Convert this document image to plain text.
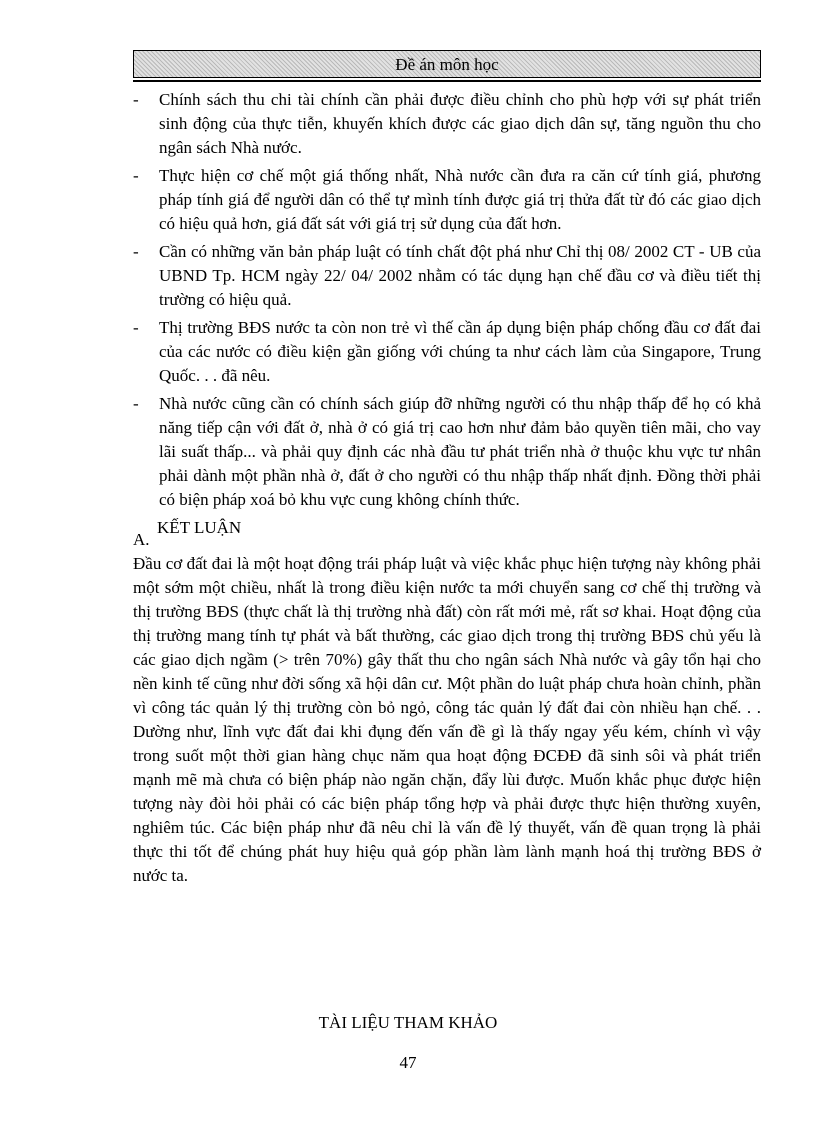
Đề án môn học
- Chính sách thu chi tài chính cần phải được điều chỉnh cho phù hợp với sự phát triển sinh động của thực tiễn, khuyến khích được các giao dịch dân sự, tăng nguồn thu cho ngân sách Nhà nước.
- Thực hiện cơ chế một giá thống nhất, Nhà nước cần đưa ra căn cứ tính giá, phương pháp tính giá để người dân có thể tự mình tính được giá trị thửa đất từ đó các giao dịch có hiệu quả hơn, giá đất sát với giá trị sử dụng của đất hơn.
- Cần có những văn bản pháp luật có tính chất đột phá như Chỉ thị 08/ 2002 CT - UB của UBND Tp. HCM ngày 22/ 04/ 2002 nhằm có tác dụng hạn chế đầu cơ và điều tiết thị trường có hiệu quả.
- Thị trường BĐS nước ta còn non trẻ vì thế cần áp dụng biện pháp chống đầu cơ đất đai của các nước có điều kiện gần giống với chúng ta như cách làm của Singapore, Trung Quốc. . . đã nêu.
- Nhà nước cũng cần có chính sách giúp đỡ những người có thu nhập thấp để họ có khả năng tiếp cận với đất ở, nhà ở có giá trị cao hơn như đảm bảo quyền tiên mãi, cho vay lãi suất thấp... và phải quy định các nhà đầu tư phát triển nhà ở thuộc khu vực tư nhân phải dành một phần nhà ở, đất ở cho người có thu nhập thấp nhất định. Đồng thời phải có biện pháp xoá bỏ khu vực cung không chính thức.
A.
KẾT LUẬN

Đầu cơ đất đai là một hoạt động trái pháp luật và việc khắc phục hiện tượng này không phải một sớm một chiều, nhất là trong điều kiện nước ta mới chuyển sang cơ chế thị trường và thị trường BĐS (thực chất là thị trường nhà đất) còn rất mới mẻ, rất sơ khai. Hoạt động của thị trường mang tính tự phát và bất thường, các giao dịch trong thị trường BĐS chủ yếu là các giao dịch ngầm (> trên 70%) gây thất thu cho ngân sách Nhà nước và gây tổn hại cho nền kinh tế cũng như đời sống xã hội dân cư. Một phần do luật pháp chưa hoàn chỉnh, phần vì công tác quản lý thị trường còn bỏ ngỏ, công tác quản lý đất đai còn nhiều hạn chế. . . Dường như, lĩnh vực đất đai khi đụng đến vấn đề gì là thấy ngay yếu kém, chính vì vậy trong suốt một thời gian hàng chục năm qua hoạt động ĐCĐĐ đã sinh sôi và phát triển mạnh mẽ mà chưa có biện pháp nào ngăn chặn, đẩy lùi được. Muốn khắc phục được hiện tượng này đòi hỏi phải có các biện pháp tổng hợp và phải được thực hiện thường xuyên, nghiêm túc. Các biện pháp như đã nêu chỉ là vấn đề lý thuyết, vấn đề quan trọng là phải thực thi tốt để chúng phát huy hiệu quả góp phần làm lành mạnh hoá thị trường BĐS ở nước ta.

TÀI LIỆU THAM KHẢO
47
